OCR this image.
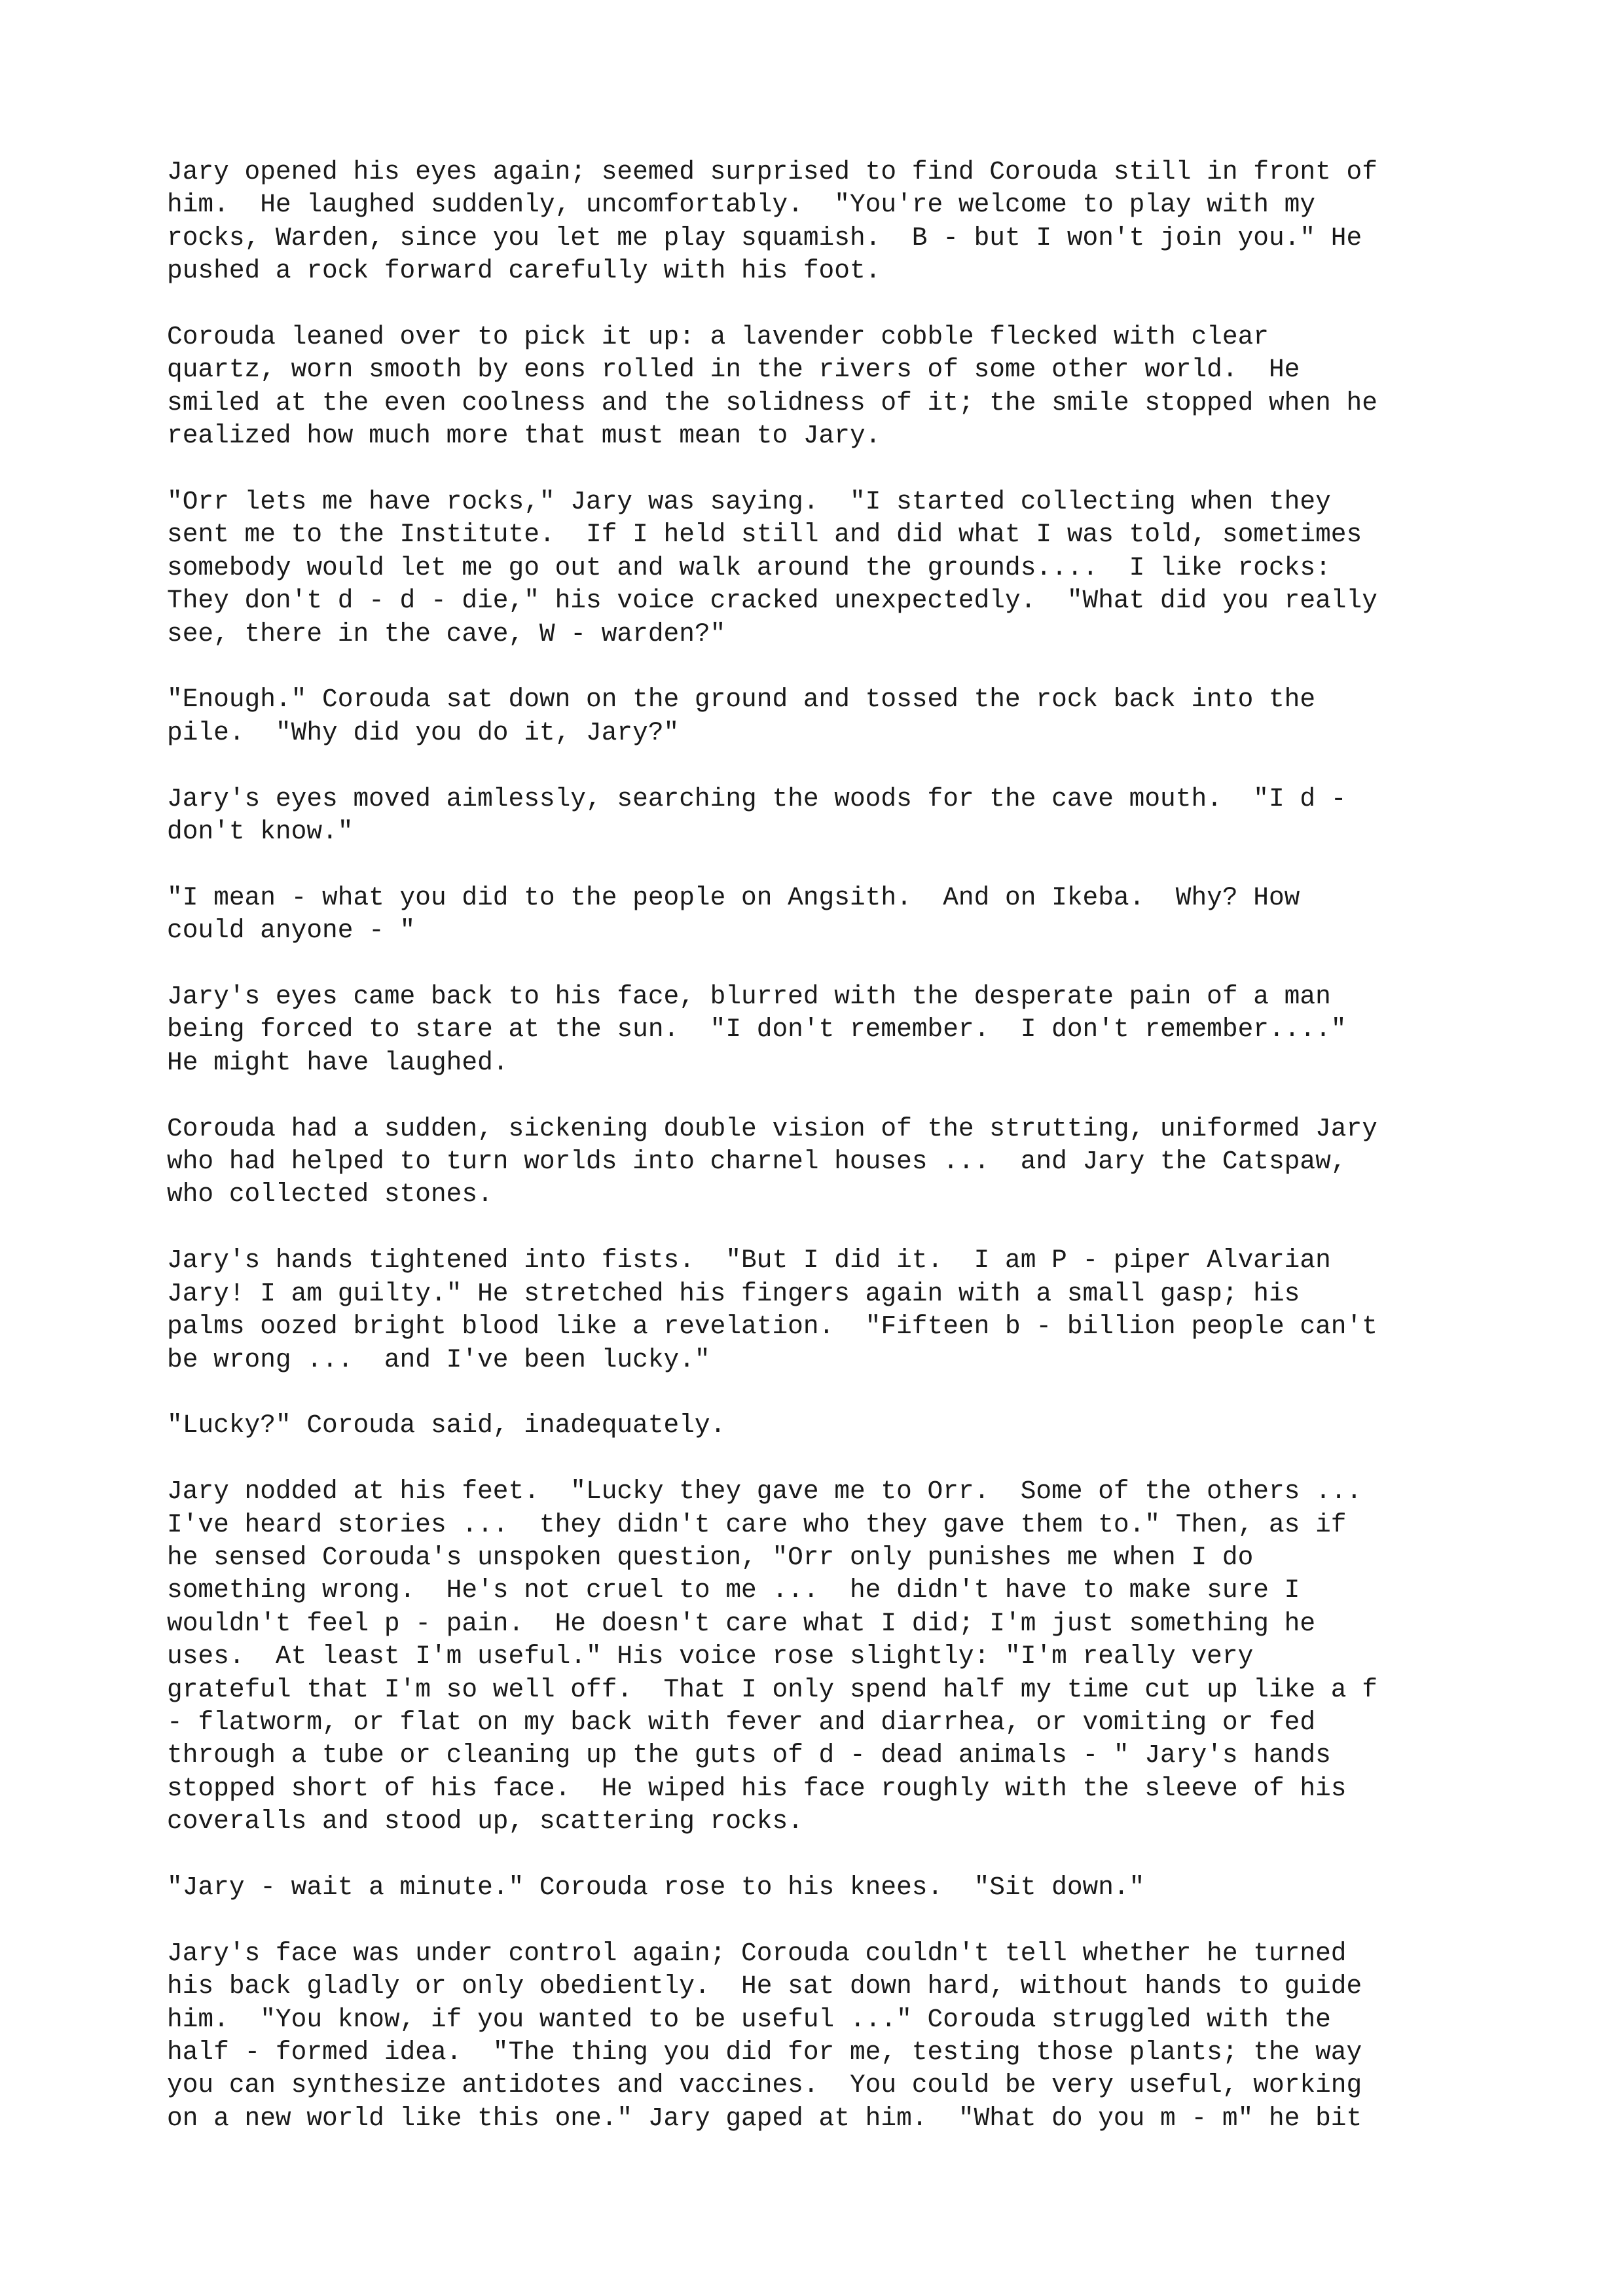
Jary opened his eyes again; seemed surprised to find Corouda still in front of
him.  He laughed suddenly, uncomfortably.  "You're welcome to play with my
rocks, Warden, since you let me play squamish.  B - but I won't join you." He
pushed a rock forward carefully with his foot.
Corouda leaned over to pick it up: a lavender cobble flecked with clear
quartz, worn smooth by eons rolled in the rivers of some other world.  He
smiled at the even coolness and the solidness of it; the smile stopped when he
realized how much more that must mean to Jary.
"Orr lets me have rocks," Jary was saying.  "I started collecting when they
sent me to the Institute.  If I held still and did what I was told, sometimes
somebody would let me go out and walk around the grounds....  I like rocks:
They don't d - d - die," his voice cracked unexpectedly.  "What did you really
see, there in the cave, W - warden?"
"Enough." Corouda sat down on the ground and tossed the rock back into the
pile.  "Why did you do it, Jary?"
Jary's eyes moved aimlessly, searching the woods for the cave mouth.  "I d -
don't know."
"I mean - what you did to the people on Angsith.  And on Ikeba.  Why? How
could anyone - "
Jary's eyes came back to his face, blurred with the desperate pain of a man
being forced to stare at the sun.  "I don't remember.  I don't remember...."
He might have laughed.
Corouda had a sudden, sickening double vision of the strutting, uniformed Jary
who had helped to turn worlds into charnel houses ...  and Jary the Catspaw,
who collected stones.
Jary's hands tightened into fists.  "But I did it.  I am P - piper Alvarian
Jary! I am guilty." He stretched his fingers again with a small gasp; his
palms oozed bright blood like a revelation.  "Fifteen b - billion people can't
be wrong ...  and I've been lucky."
"Lucky?" Corouda said, inadequately.
Jary nodded at his feet.  "Lucky they gave me to Orr.  Some of the others ...
I've heard stories ...  they didn't care who they gave them to." Then, as if
he sensed Corouda's unspoken question, "Orr only punishes me when I do
something wrong.  He's not cruel to me ...  he didn't have to make sure I
wouldn't feel p - pain.  He doesn't care what I did; I'm just something he
uses.  At least I'm useful." His voice rose slightly: "I'm really very
grateful that I'm so well off.  That I only spend half my time cut up like a f
- flatworm, or flat on my back with fever and diarrhea, or vomiting or fed
through a tube or cleaning up the guts of d - dead animals - " Jary's hands
stopped short of his face.  He wiped his face roughly with the sleeve of his
coveralls and stood up, scattering rocks.
"Jary - wait a minute." Corouda rose to his knees.  "Sit down."
Jary's face was under control again; Corouda couldn't tell whether he turned
his back gladly or only obediently.  He sat down hard, without hands to guide
him.  "You know, if you wanted to be useful ..." Corouda struggled with the
half - formed idea.  "The thing you did for me, testing those plants; the way
you can synthesize antidotes and vaccines.  You could be very useful, working
on a new world like this one." Jary gaped at him.  "What do you m - m" he bit
